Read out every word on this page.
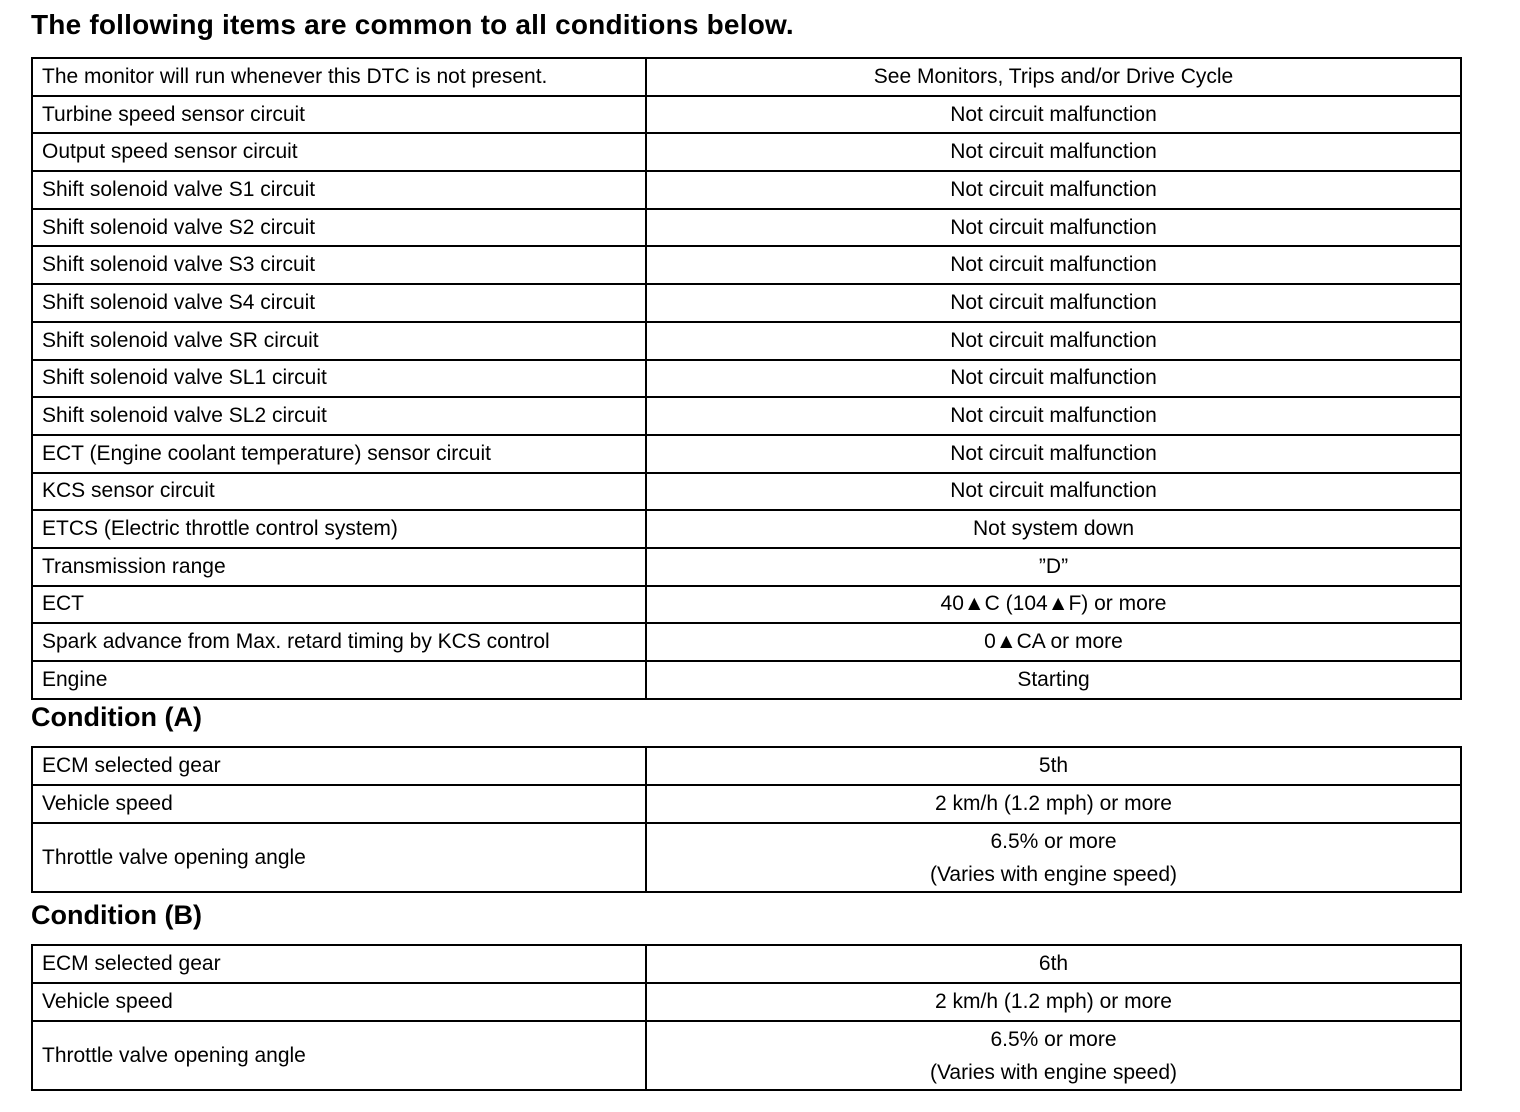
The following items are common to all conditions below.
The monitor will run whenever this DTC is not present.	See Monitors, Trips and/or Drive Cycle
Turbine speed sensor circuit	Not circuit malfunction
Output speed sensor circuit	Not circuit malfunction
Shift solenoid valve S1 circuit	Not circuit malfunction
Shift solenoid valve S2 circuit	Not circuit malfunction
Shift solenoid valve S3 circuit	Not circuit malfunction
Shift solenoid valve S4 circuit	Not circuit malfunction
Shift solenoid valve SR circuit	Not circuit malfunction
Shift solenoid valve SL1 circuit	Not circuit malfunction
Shift solenoid valve SL2 circuit	Not circuit malfunction
ECT (Engine coolant temperature) sensor circuit	Not circuit malfunction
KCS sensor circuit	Not circuit malfunction
ETCS (Electric throttle control system)	Not system down
Transmission range	”D”
ECT	40▲C (104▲F) or more
Spark advance from Max. retard timing by KCS control	0▲CA or more
Engine	Starting
Condition (A)
ECM selected gear	5th
Vehicle speed	2 km/h (1.2 mph) or more
Throttle valve opening angle	6.5% or more
(Varies with engine speed)
Condition (B)
ECM selected gear	6th
Vehicle speed	2 km/h (1.2 mph) or more
Throttle valve opening angle	6.5% or more
(Varies with engine speed)
